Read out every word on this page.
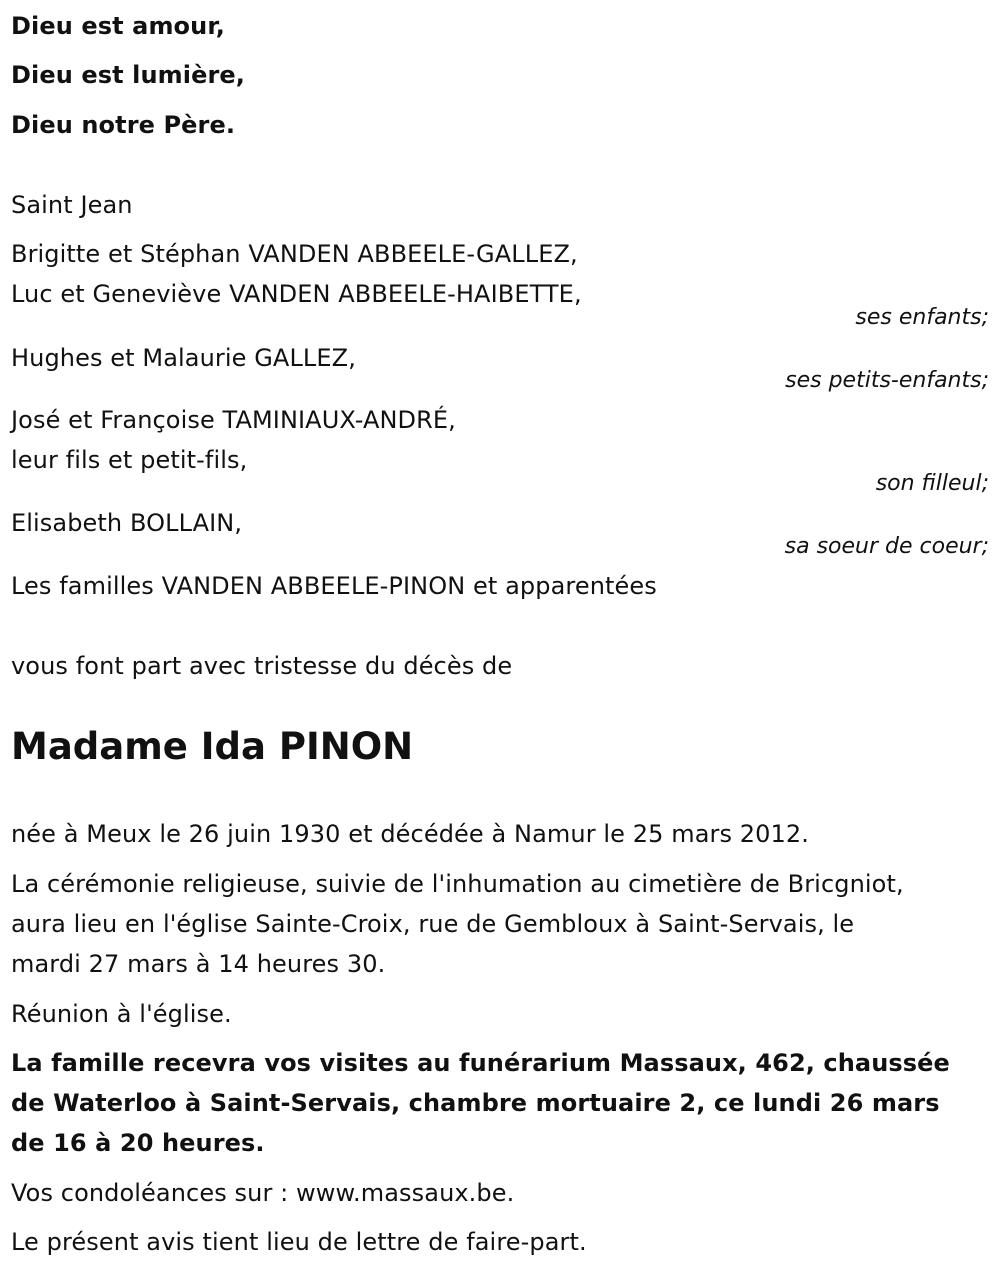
Dieu est amour,
Dieu est lumière,
Dieu notre Père.
Saint Jean
Brigitte et Stéphan VANDEN ABBEELE-GALLEZ,
Luc et Geneviève VANDEN ABBEELE-HAIBETTE,
ses enfants;
Hughes et Malaurie GALLEZ,
ses petits-enfants;
José et Françoise TAMINIAUX-ANDRÉ,
leur fils et petit-fils,
son filleul;
Elisabeth BOLLAIN,
sa soeur de coeur;
Les familles VANDEN ABBEELE-PINON et apparentées
vous font part avec tristesse du décès de
Madame Ida PINON
née à Meux le 26 juin 1930 et décédée à Namur le 25 mars 2012.
La cérémonie religieuse, suivie de l'inhumation au cimetière de Bricgniot,
aura lieu en l'église Sainte-Croix, rue de Gembloux à Saint-Servais, le
mardi 27 mars à 14 heures 30.
Réunion à l'église.
La famille recevra vos visites au funérarium Massaux, 462, chaussée
de Waterloo à Saint-Servais, chambre mortuaire 2, ce lundi 26 mars
de 16 à 20 heures.
Vos condoléances sur : www.massaux.be.
Le présent avis tient lieu de lettre de faire-part.
